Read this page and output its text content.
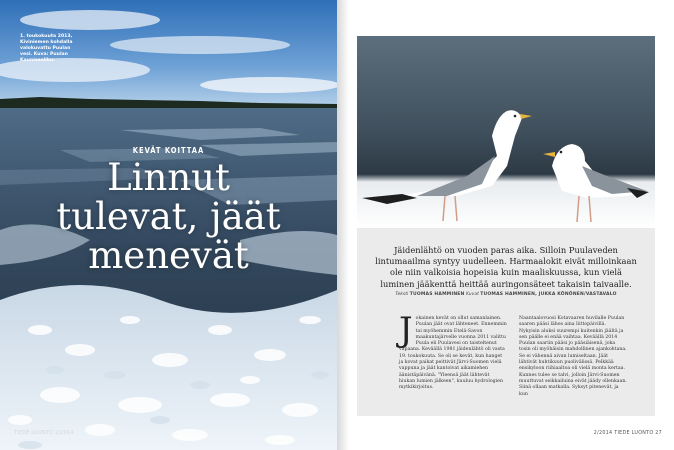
1. toukokuuta 2013, Kiviniemen kohdalla valokuvattu Puulan vesi. Kuva: Puulan Kaunisaaliku.
KEVÄT KOITTAA
Linnut
tulevat, jäät
menevät
TIEDE LUONTO 2/2014
Jäidenlähtö on vuoden paras aika. Silloin Puulaveden lintumaailma syntyy uudelleen. Harmaalokit eivät milloinkaan ole niin valkoisia hopeisia kuin maaliskuussa, kun vielä luminen jääkenttä heittää auringonsäteet takaisin taivaalle.
Teksti TUOMAS HAMMINEN Kuvat TUOMAS HAMMINEN, JUKKA KÖNÖNEN/VASTAVALO
J okainen kevät on ollut samanlainen. Puulan jäät ovat lähteneet. Ennemmin tai myöhemmin Etelä-Savon maakuntajärvelle vuonna 2011 valittu Puula eli Puulavesi on taisteltenut vapaana. Keväällä 1981 jäidenlähtö oli vasta 19. toukokuuta. Se oli se kevät, kun hanget ja kovat paikat peittivät Järvi-Suomen vielä vappuna ja jäät kantoivat aikamiehen äänistäpäivänä. "Yleensä jäät lähtevät hiukan lumien jälkeen", kuuluu hydrologien mytkikirjoitus.

Naantaalovuosi Kotavaaren huvilalle Puulan saaren pääsi lähes aina liittopäivillä. Nykyisin aluksi suurempi kuitenkin jäältä ja sen päälle ei enää vaihtaa. Keväällä 2014 Puulan saariin pääsi jo pääsiäisenä, joka tosin oli myöhäisin mahdollinen ajankohtana. Se ei vähennä aivan lumiseltaan. Jäät lähtivät huhtikuun puolivälissä. Pelkkää ensikyloon riihiaaltoa oli vielä monta kertaa. Kunnes tulee se talvi, jolloin Järvi-Suomen muuttuvat seikkailuina eivät jäädy ollenkaan. Siinä ollaan matkalla. Syksyt pitenevät, ja kun

2/2014 TIEDE LUONTO 27
